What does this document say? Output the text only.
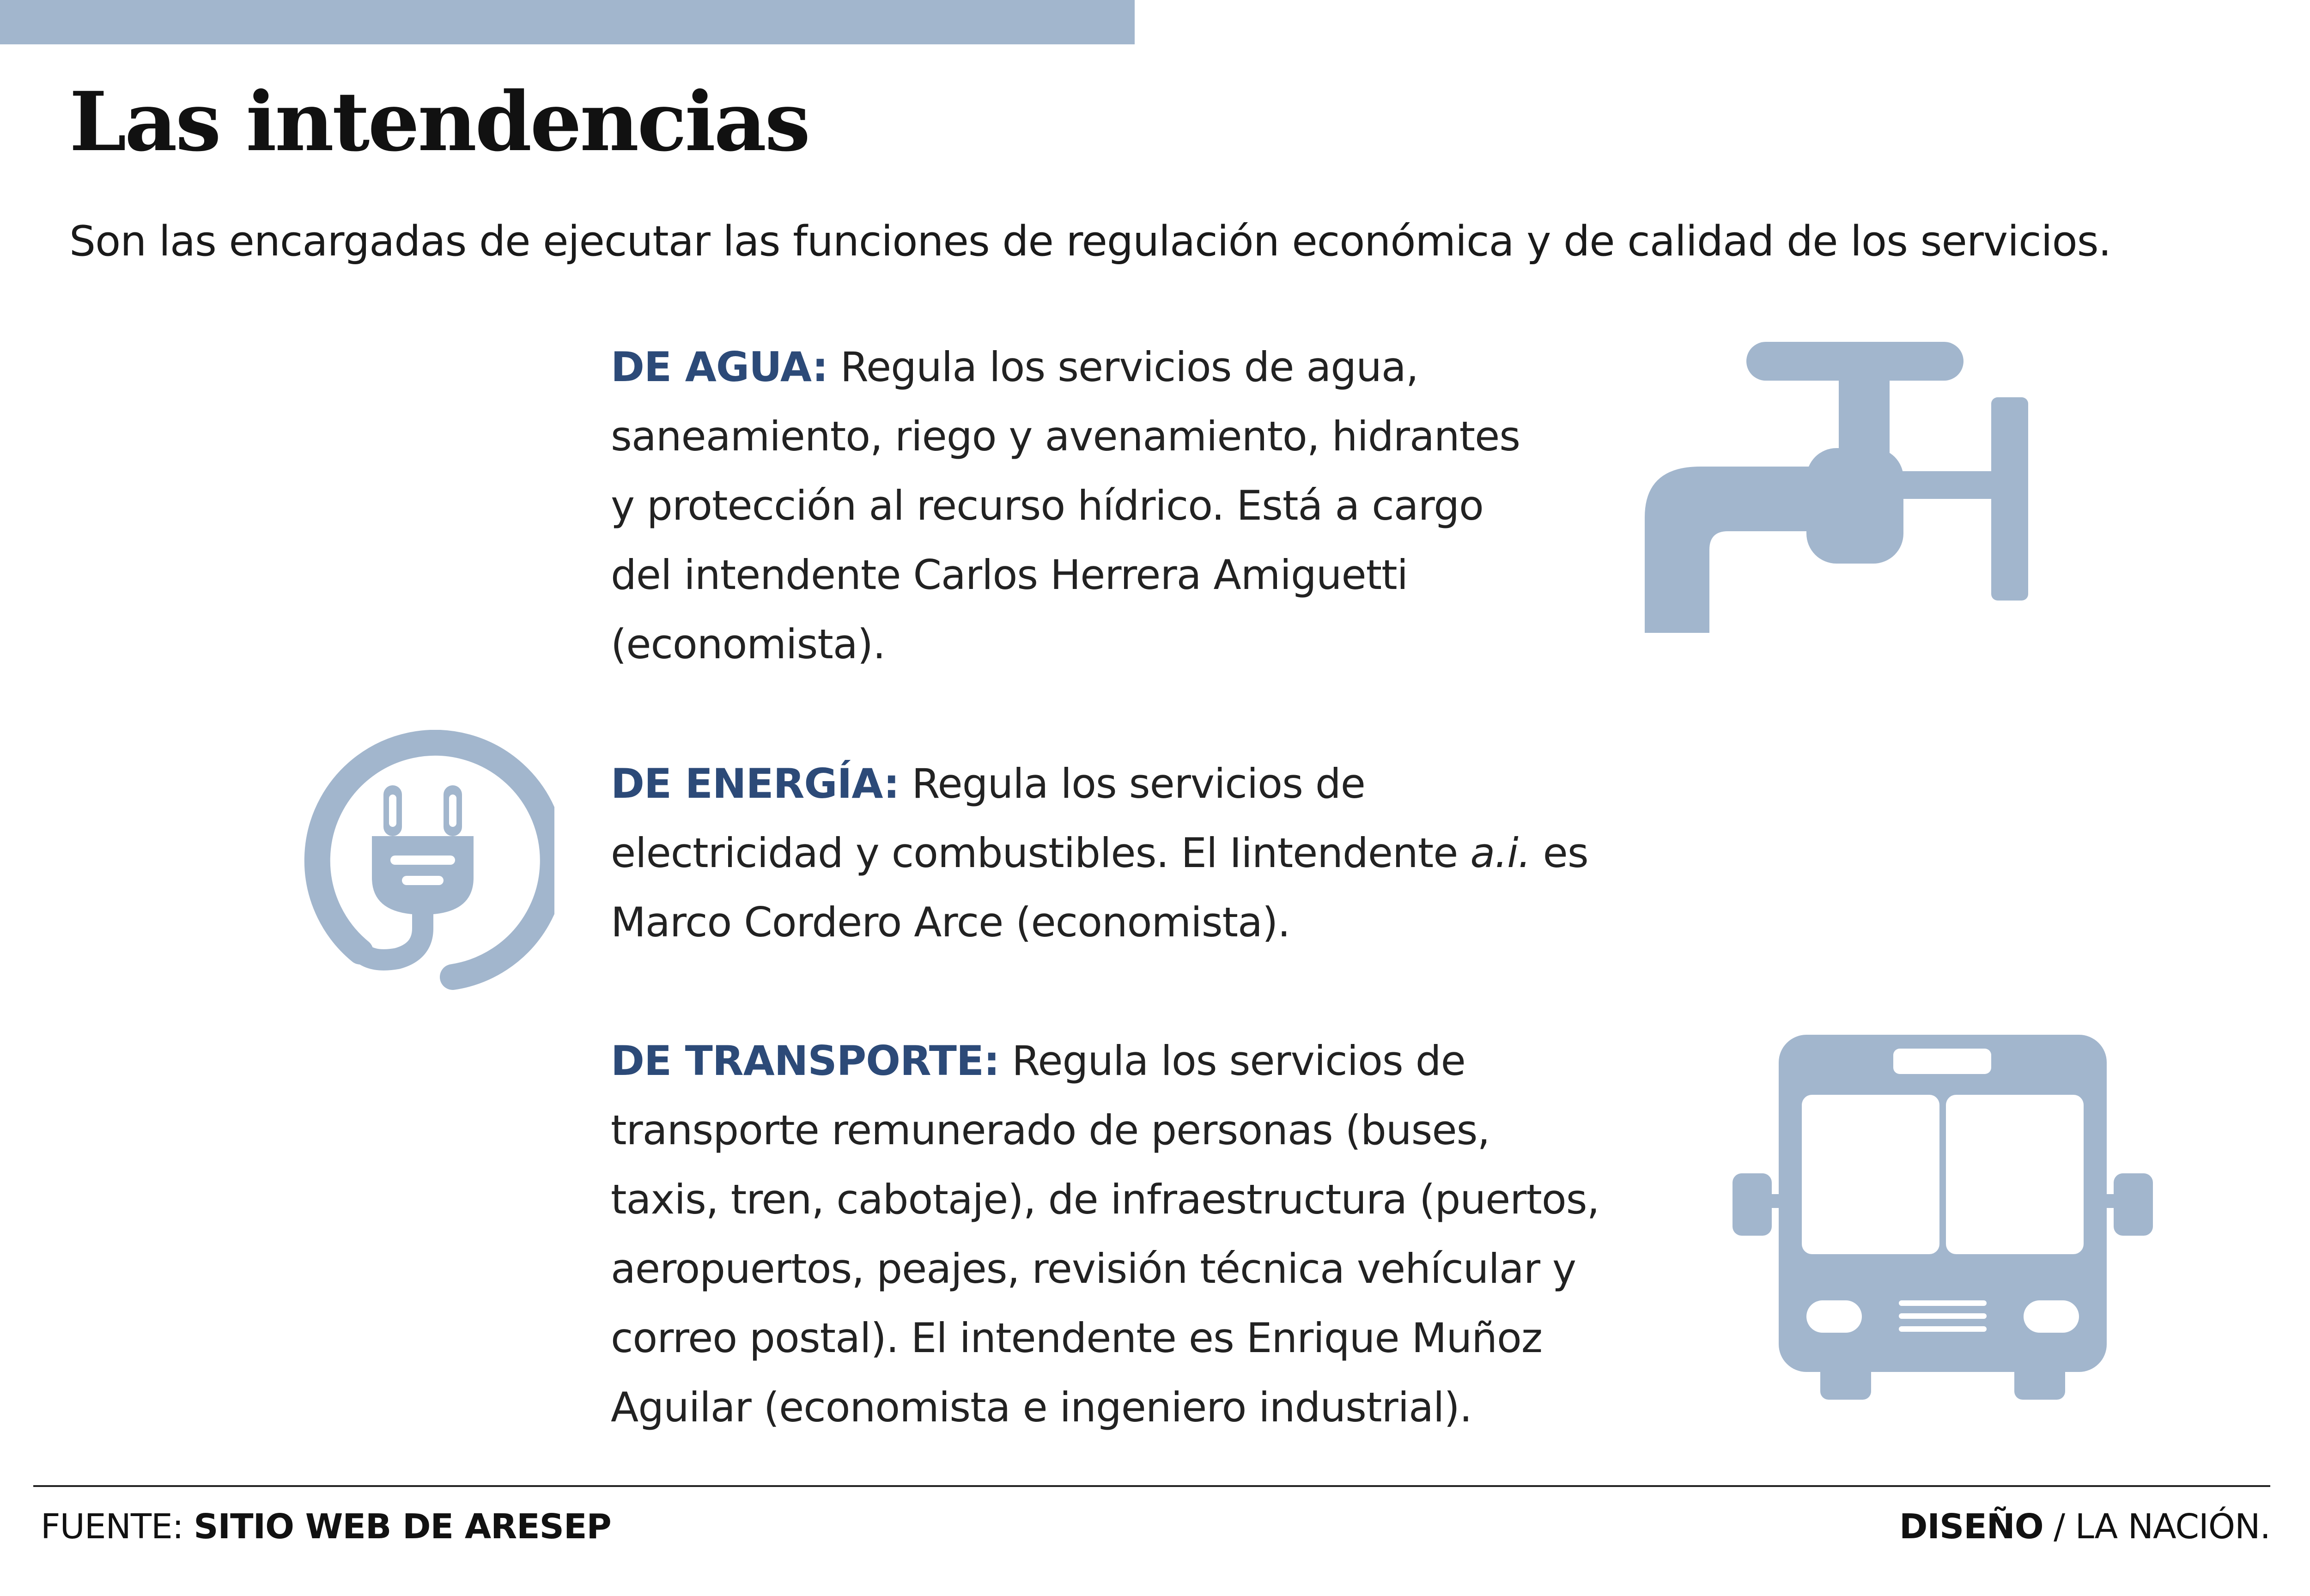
Las intendencias

Son las encargadas de ejecutar las funciones de regulación económica y de calidad de los servicios.

DE AGUA: Regula los servicios de agua,
saneamiento, riego y avenamiento, hidrantes
y protección al recurso hídrico. Está a cargo
del intendente Carlos Herrera Amiguetti
(economista).
DE ENERGÍA: Regula los servicios de
electricidad y combustibles. El Iintendente a.i. es
Marco Cordero Arce (economista).
DE TRANSPORTE: Regula los servicios de
transporte remunerado de personas (buses,
taxis, tren, cabotaje), de infraestructura (puertos,
aeropuertos, peajes, revisión técnica vehícular y
correo postal). El intendente es Enrique Muñoz
Aguilar (economista e ingeniero industrial).
FUENTE: SITIO WEB DE ARESEP	DISEÑO / LA NACIÓN.
